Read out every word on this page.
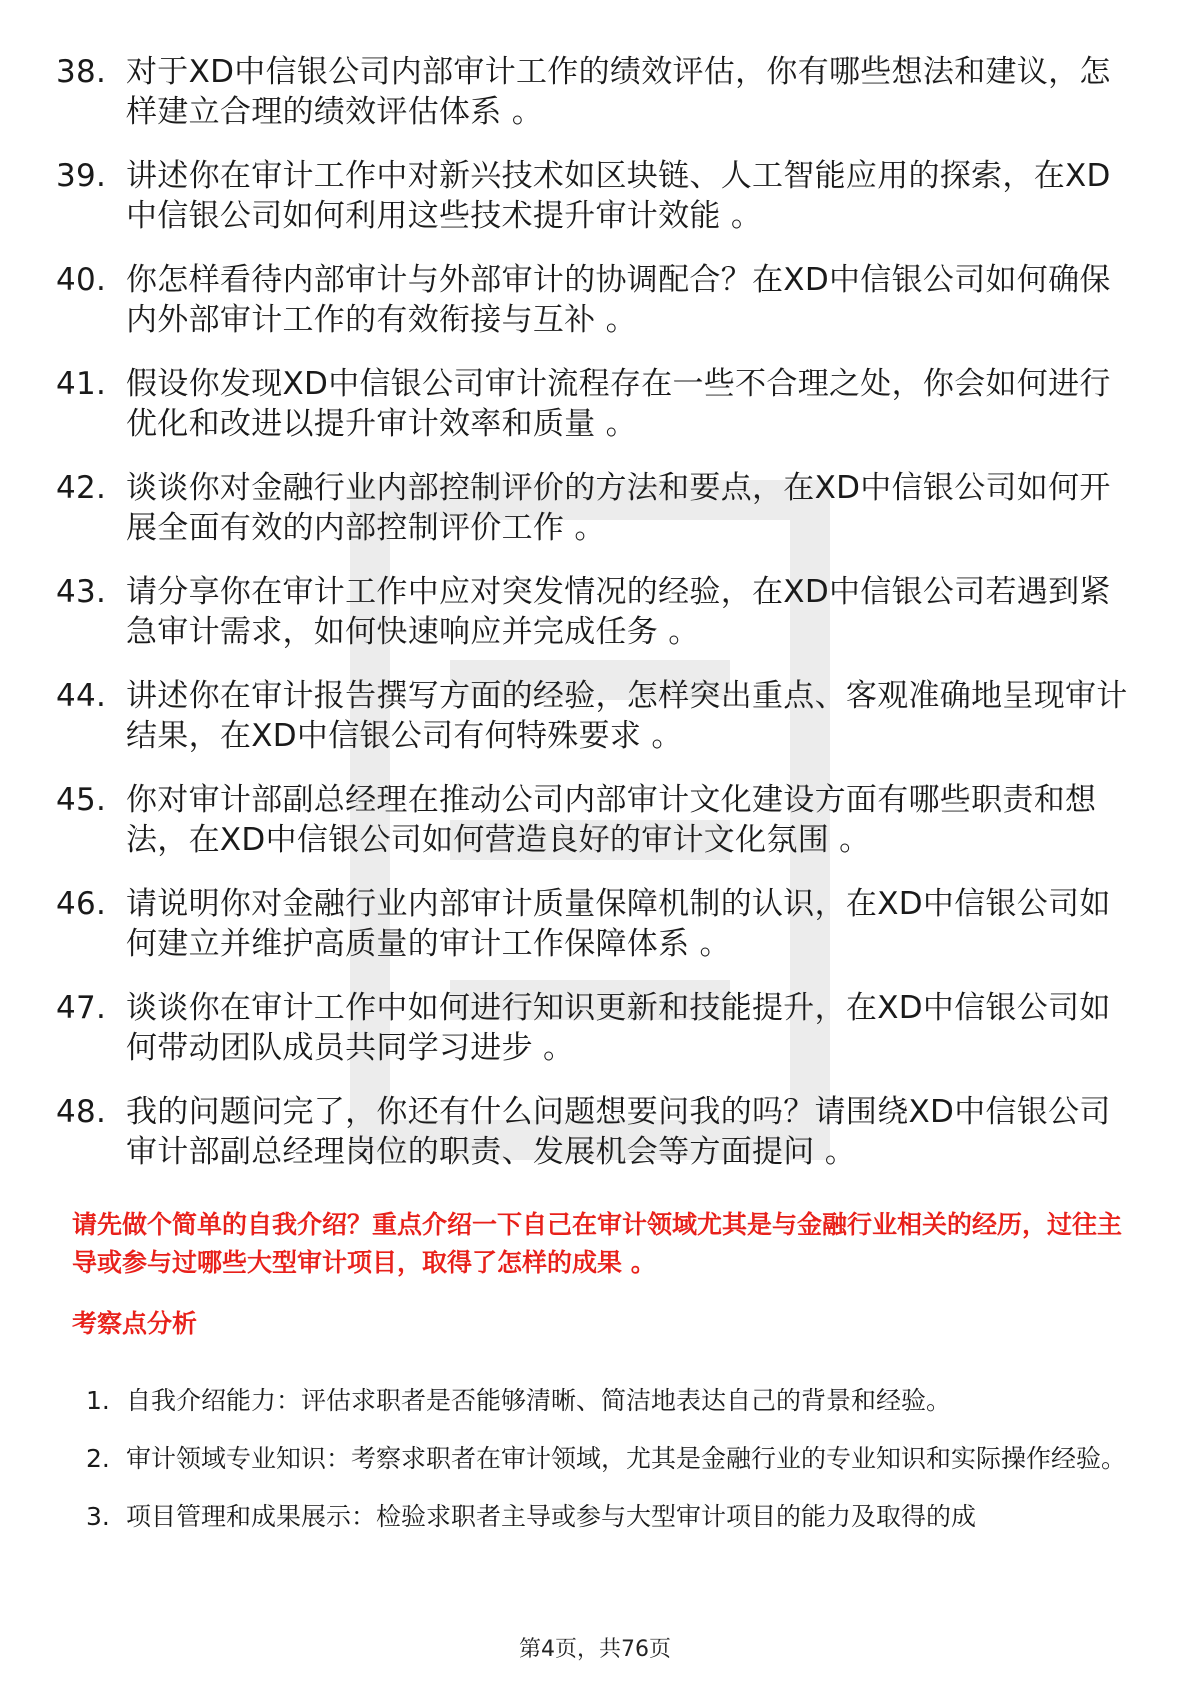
38. 对于XD中信银公司内部审计工作的绩效评估，你有哪些想法和建议，怎样建立合理的绩效评估体系 。
39. 讲述你在审计工作中对新兴技术如区块链、人工智能应用的探索，在XD中信银公司如何利用这些技术提升审计效能 。
40. 你怎样看待内部审计与外部审计的协调配合？在XD中信银公司如何确保内外部审计工作的有效衔接与互补 。
41. 假设你发现XD中信银公司审计流程存在一些不合理之处，你会如何进行优化和改进以提升审计效率和质量 。
42. 谈谈你对金融行业内部控制评价的方法和要点，在XD中信银公司如何开展全面有效的内部控制评价工作 。
43. 请分享你在审计工作中应对突发情况的经验，在XD中信银公司若遇到紧急审计需求，如何快速响应并完成任务 。
44. 讲述你在审计报告撰写方面的经验，怎样突出重点、客观准确地呈现审计结果，在XD中信银公司有何特殊要求 。
45. 你对审计部副总经理在推动公司内部审计文化建设方面有哪些职责和想法，在XD中信银公司如何营造良好的审计文化氛围 。
46. 请说明你对金融行业内部审计质量保障机制的认识，在XD中信银公司如何建立并维护高质量的审计工作保障体系 。
47. 谈谈你在审计工作中如何进行知识更新和技能提升，在XD中信银公司如何带动团队成员共同学习进步 。
48. 我的问题问完了，你还有什么问题想要问我的吗？请围绕XD中信银公司审计部副总经理岗位的职责、发展机会等方面提问 。
请先做个简单的自我介绍？重点介绍一下自己在审计领域尤其是与金融行业相关的经历，过往主导或参与过哪些大型审计项目，取得了怎样的成果 。
考察点分析
1. 自我介绍能力：评估求职者是否能够清晰、简洁地表达自己的背景和经验。
2. 审计领域专业知识：考察求职者在审计领域，尤其是金融行业的专业知识和实际操作经验。
3. 项目管理和成果展示：检验求职者主导或参与大型审计项目的能力及取得的成
第4页，共76页
